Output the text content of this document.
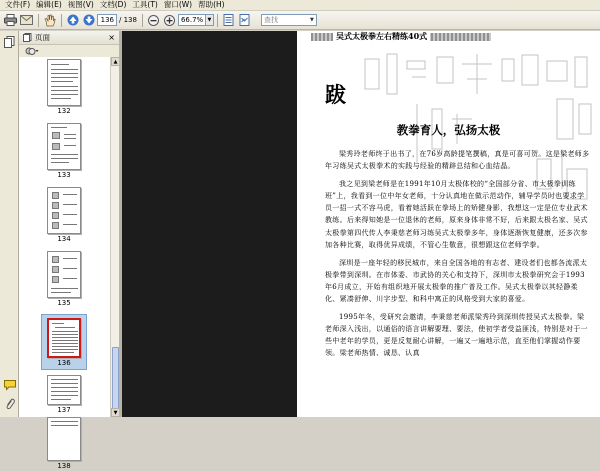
文件(F) 编辑(E) 视图(V) 文档(D) 工具(T) 窗口(W) 帮助(H)
136
/ 138
66.7%	▼
查找	▼
页面	×
132
133
134
135
136
137
138
▲
▼
吴式太极拳左右精练40式
跋
教拳育人，弘扬太极

梁秀玲老师终于出书了，在76岁高龄提笔撰稿，真是可喜可贺。这是梁老师多年习练吴式太极拳术的实践与经验的精辟总结和心血结晶。

我之见到梁老师是在1991年10月太极体校的“全国部分省、市太极拳训练班”上，我看到一位中年女老师，十分认真地在做示范动作，辅导学员时也要求学员一招一式不容马虎，看着她活跃在拳场上的矫健身影，我想这一定是位专业武术教练。后来得知她是一位退休的老师，原来身体非常不好，后来跟太极名家、吴式太极拳第四代传人李秉慈老师习练吴式太极拳多年，身体逐渐恢复健康，还多次参加各种比赛，取得优异成绩，不管心生敬意，很想跟这位老师学拳。

深圳是一座年轻的移民城市，来自全国各地的有志者、建设者们也都各流派太极拳带到深圳。在市体委、市武协的关心和支持下，深圳市太极拳研究会于1993年6月成立，开始有组织地开展太极拳的推广普及工作。吴式太极拳以其轻静柔化、紧凑舒伸、川字步型、和科中寓正的风格受到大家的喜爱。

1995年冬，受研究会邀请，李秉慈老师派梁秀玲到深圳传授吴式太极拳。梁老师深入浅出，以通俗的语言讲解要理、要法，使初学者受益匪浅，特别是对于一些中老年的学员，更是反复耐心讲解，一遍又一遍地示范，直至他们掌握动作要领。梁老师热情、诚恳、认真
